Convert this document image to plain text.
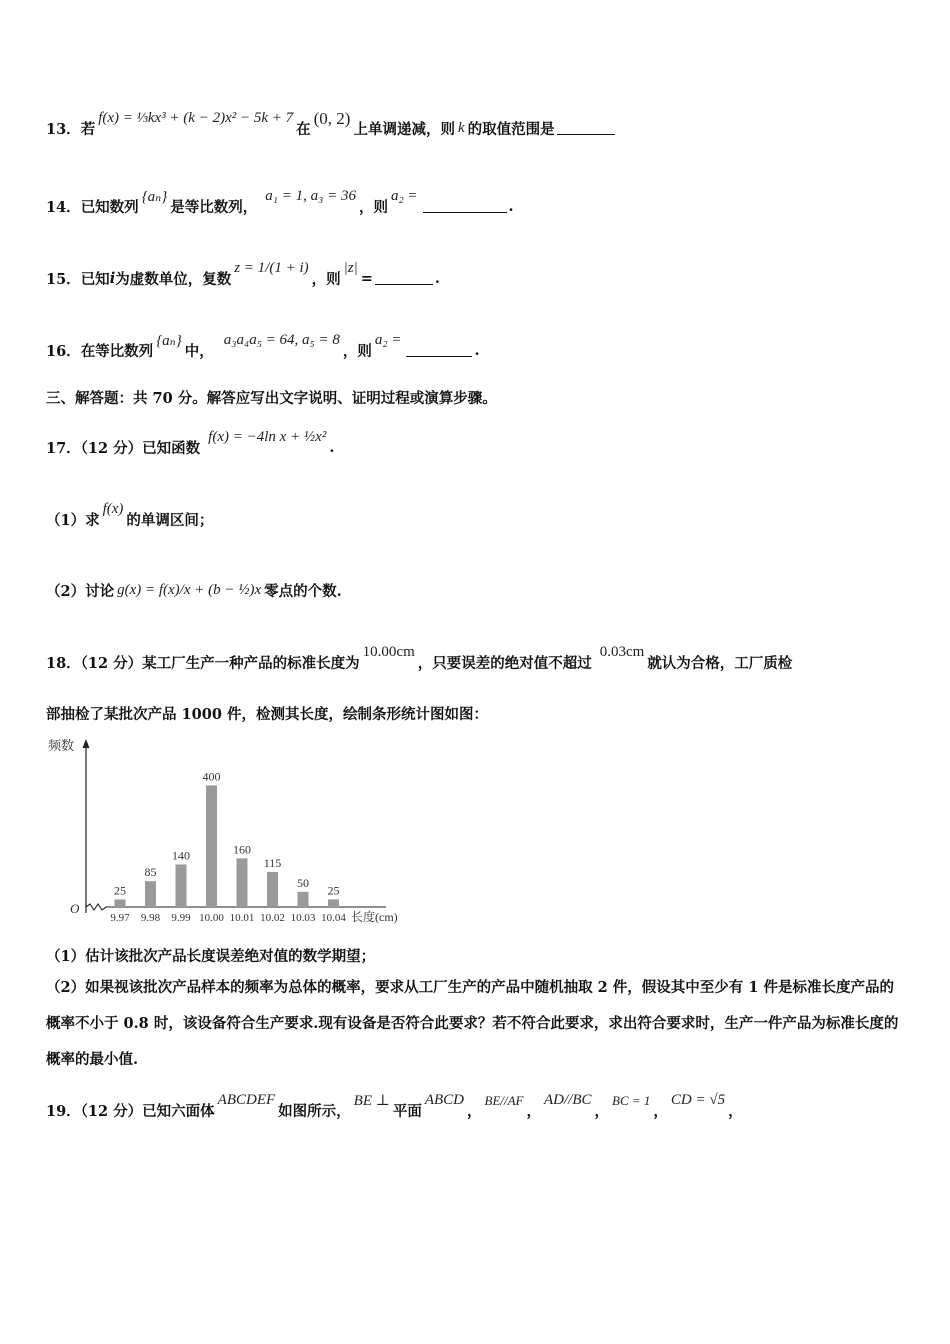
13． 若
f(x) = ⅓kx³ + (k − 2)x² − 5k + 7
在
(0, 2)
上单调递减，则 k 的取值范围是
14． 已知数列
{aₙ}
是等比数列，
a₁ = 1, a₃ = 36
，则
a₂ =
.
15． 已知 i 为虚数单位，复数
z = 1/(1 + i)
，则
|z|
=	.
16． 在等比数列
{aₙ}
中，
a₃a₄a₅ = 64, a₅ = 8
，则
a₂ =
.
三、解答题：共 70 分。解答应写出文字说明、证明过程或演算步骤。
17．（12 分）已知函数
f(x) = −4ln x + ½x²
.
（1）求
f(x)
的单调区间；
（2）讨论 g(x) = f(x)/x + (b − ½)x 零点的个数.
18．（12 分）某工厂生产一种产品的标准长度为
10.00cm
，只要误差的绝对值不超过
0.03cm
就认为合格，工厂质检
部抽检了某批次产品 1000 件，检测其长度，绘制条形统计图如图：
频数
O
长度(cm)
25
9.97
85
9.98
140
9.99
400
10.00
160
10.01
115
10.02
50
10.03
25
10.04
（1）估计该批次产品长度误差绝对值的数学期望；
（2）如果视该批次产品样本的频率为总体的概率，要求从工厂生产的产品中随机抽取 2 件，假设其中至少有 1 件是标准长度产品的概率不小于 0.8 时，该设备符合生产要求.现有设备是否符合此要求？若不符合此要求，求出符合要求时，生产一件产品为标准长度的概率的最小值.
19．（12 分）已知六面体
ABCDEF
如图所示，
BE ⊥
平面
ABCD
，
BE//AF
，
AD//BC
，
BC = 1
，
CD = √5
，
